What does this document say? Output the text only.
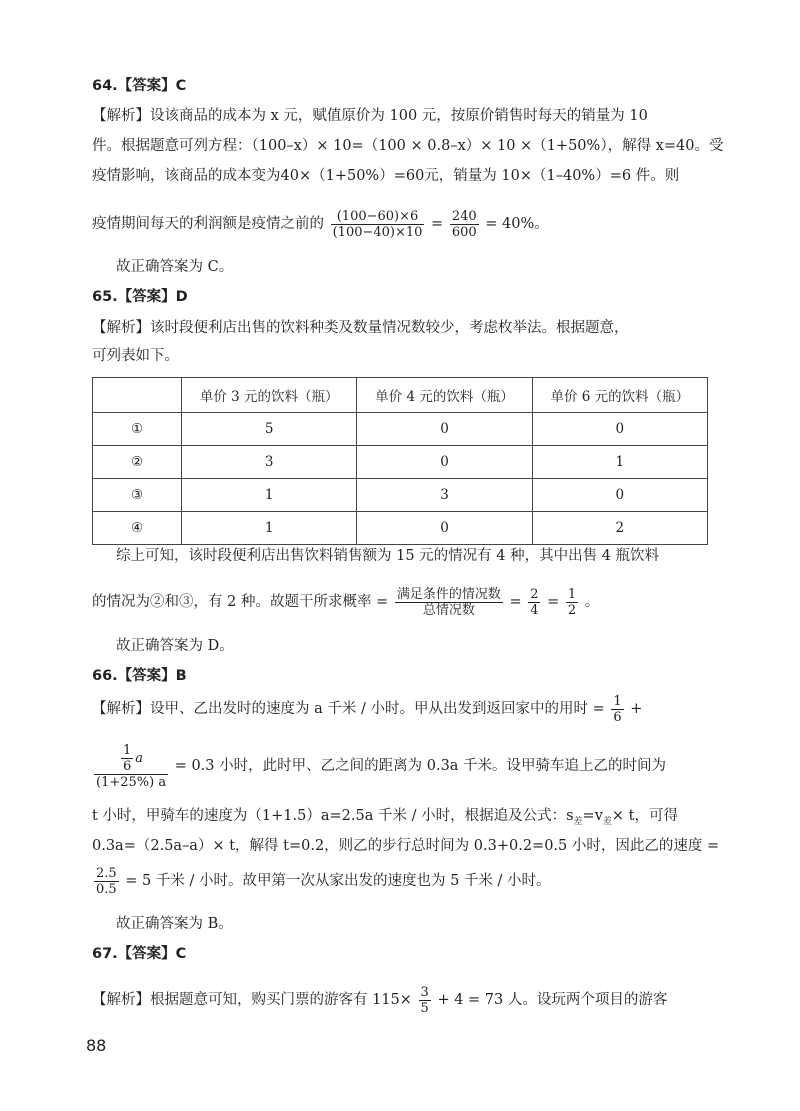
64.【答案】C
【解析】设该商品的成本为 x 元，赋值原价为 100 元，按原价销售时每天的销量为 10
件。根据题意可列方程：（100–x）× 10=（100 × 0.8–x）× 10 ×（1+50%），解得 x=40。受
疫情影响，该商品的成本变为40×（1+50%）=60元，销量为 10×（1–40%）=6 件。则
疫情期间每天的利润额是疫情之前的 $\frac{(100-60)\times 6}{(100-40)\times 10} = \frac{240}{600} = 40\%$。
故正确答案为 C。
65.【答案】D
【解析】该时段便利店出售的饮料种类及数量情况数较少，考虑枚举法。根据题意，
可列表如下。
	单价 3 元的饮料（瓶）	单价 4 元的饮料（瓶）	单价 6 元的饮料（瓶）
①	5	0	0
②	3	0	1
③	1	3	0
④	1	0	2
综上可知，该时段便利店出售饮料销售额为 15 元的情况有 4 种，其中出售 4 瓶饮料
的情况为②和③，有 2 种。故题干所求概率 = $\frac{\text{满足条件的情况数}}{\text{总情况数}} = \frac{2}{4} = \frac{1}{2}$ 。
故正确答案为 D。
66.【答案】B
【解析】设甲、乙出发时的速度为 a 千米 / 小时。甲从出发到返回家中的用时 = $\frac{1}{6}$ +
$\frac{\frac{1}{6} a}{(1+25\%) a} = 0.3$ 小时，此时甲、乙之间的距离为 0.3a 千米。设甲骑车追上乙的时间为
t 小时，甲骑车的速度为（1+1.5）a=2.5a 千米 / 小时，根据追及公式：$s_差=v_差\times t$，可得
0.3a=（2.5a–a）× t，解得 t=0.2，则乙的步行总时间为 0.3+0.2=0.5 小时，因此乙的速度 =
$\frac{2.5}{0.5} = 5$ 千米 / 小时。故甲第一次从家出发的速度也为 5 千米 / 小时。
故正确答案为 B。
67.【答案】C
【解析】根据题意可知，购买门票的游客有 $115\times \frac{3}{5} + 4 = 73$ 人。设玩两个项目的游客
88
